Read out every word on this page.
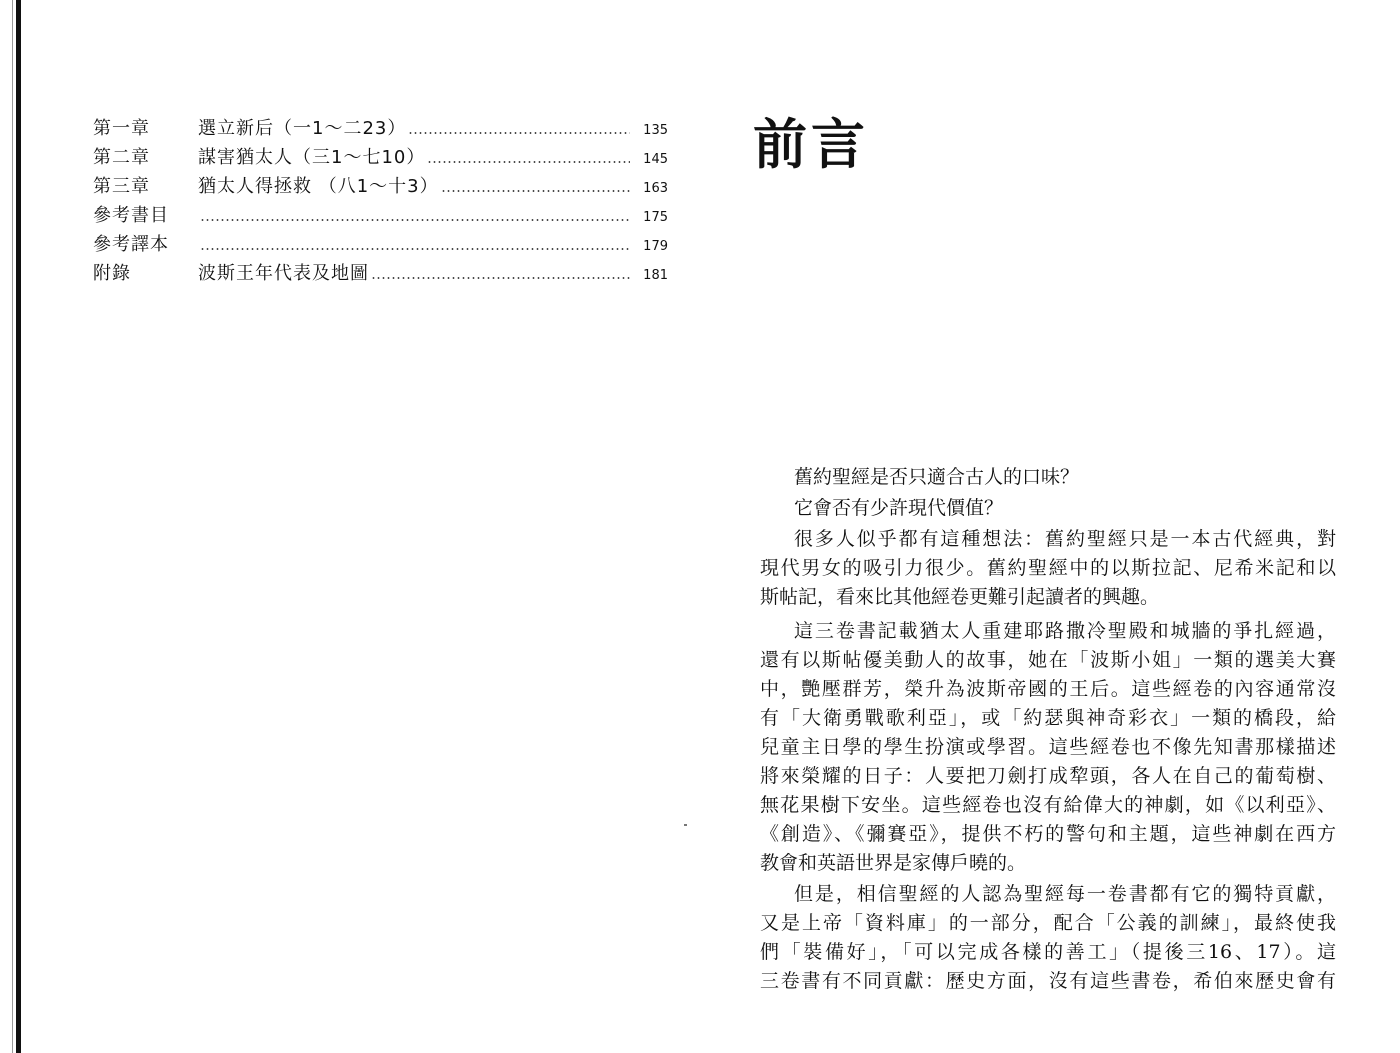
第一章	選立新后（一1～二23）	135
第二章	謀害猶太人（三1～七10）	145
第三章	猶太人得拯救 （八1～十3）	163
參考書目	175
參考譯本	179
附錄	波斯王年代表及地圖	181
前言
舊約聖經是否只適合古人的口味？
它會否有少許現代價值？
很多人似乎都有這種想法：舊約聖經只是一本古代經典，對
現代男女的吸引力很少。舊約聖經中的以斯拉記、尼希米記和以
斯帖記，看來比其他經卷更難引起讀者的興趣。
這三卷書記載猶太人重建耶路撒冷聖殿和城牆的爭扎經過，
還有以斯帖優美動人的故事，她在「波斯小姐」一類的選美大賽
中，艷壓群芳，榮升為波斯帝國的王后。這些經卷的內容通常沒
有「大衛勇戰歌利亞」，或「約瑟與神奇彩衣」一類的橋段，給
兒童主日學的學生扮演或學習。這些經卷也不像先知書那樣描述
將來榮耀的日子：人要把刀劍打成犂頭，各人在自己的葡萄樹、
無花果樹下安坐。這些經卷也沒有給偉大的神劇，如《以利亞》、
《創造》、《彌賽亞》，提供不朽的警句和主題，這些神劇在西方
教會和英語世界是家傳戶曉的。
但是，相信聖經的人認為聖經每一卷書都有它的獨特貢獻，
又是上帝「資料庫」的一部分，配合「公義的訓練」，最終使我
們「裝備好」，「可以完成各樣的善工」（提後三16、17）。這
三卷書有不同貢獻：歷史方面，沒有這些書卷，希伯來歷史會有
